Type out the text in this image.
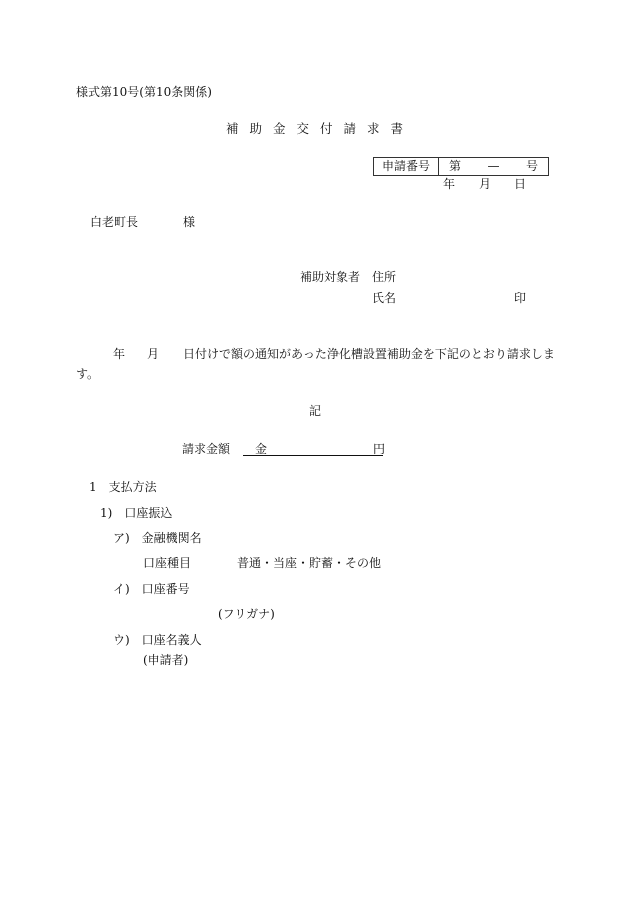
様式第10号(第10条関係)
補助金交付請求書
申請番号	第 — 号
年 月 日
白老町長	様
補助対象者 住所
氏名	印
年 月 日付けで額の通知があった浄化槽設置補助金を下記のとおり請求しま
す。
記
請求金額 金	円
1　支払方法
1)　口座振込
ア)　金融機関名
口座種目	普通・当座・貯蓄・その他
イ)　口座番号
(フリガナ)
ウ)　口座名義人
(申請者)
